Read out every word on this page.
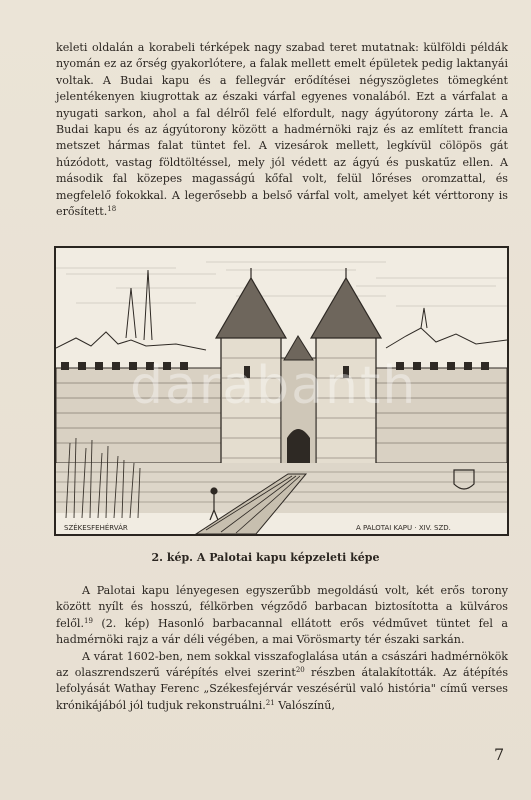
keleti oldalán a korabeli térképek nagy szabad teret mutatnak: külföldi példák nyomán ez az őrség gyakorlótere, a falak mellett emelt épületek pedig laktanyái voltak. A Budai kapu és a fellegvár erődítései négyszögletes tömegként jelentékenyen kiugrottak az északi várfal egyenes vonalából. Ezt a várfalat a nyugati sarkon, ahol a fal délről felé elfordult, nagy ágyútorony zárta le. A Budai kapu és az ágyútorony között a hadmérnöki rajz és az említett francia metszet hármas falat tüntet fel. A vizesárok mellett, legkívül cölöpös gát húzódott, vastag földtöltéssel, mely jól védett az ágyú és puskatűz ellen. A második fal közepes magasságú kőfal volt, felül lőréses oromzattal, és megfelelő fokokkal. A legerősebb a belső várfal volt, amelyet két vérttorony is erősített.$^{18}$

SZÉKESFEHÉRVÁR	A PALOTAI KAPU · XIV. SZD.
darabanth
2. kép. A Palotai kapu képzeleti képe

A Palotai kapu lényegesen egyszerűbb megoldású volt, két erős torony között nyílt és hosszú, félkörben végződő barbacan biztosította a külváros felől.$^{19}$ (2. kép) Hasonló barbacannal ellátott erős védművet tüntet fel a hadmérnöki rajz a vár déli végében, a mai Vörösmarty tér északi sarkán.

A várat 1602-ben, nem sokkal visszafoglalása után a császári hadmérnökök az olaszrendszerű várépítés elvei szerint$^{20}$ részben átalakították. Az átépítés lefolyását Wathay Ferenc „Székesfejérvár veszésérül való história" című verses krónikájából jól tudjuk rekonstruálni.$^{21}$ Valószínű,

7
